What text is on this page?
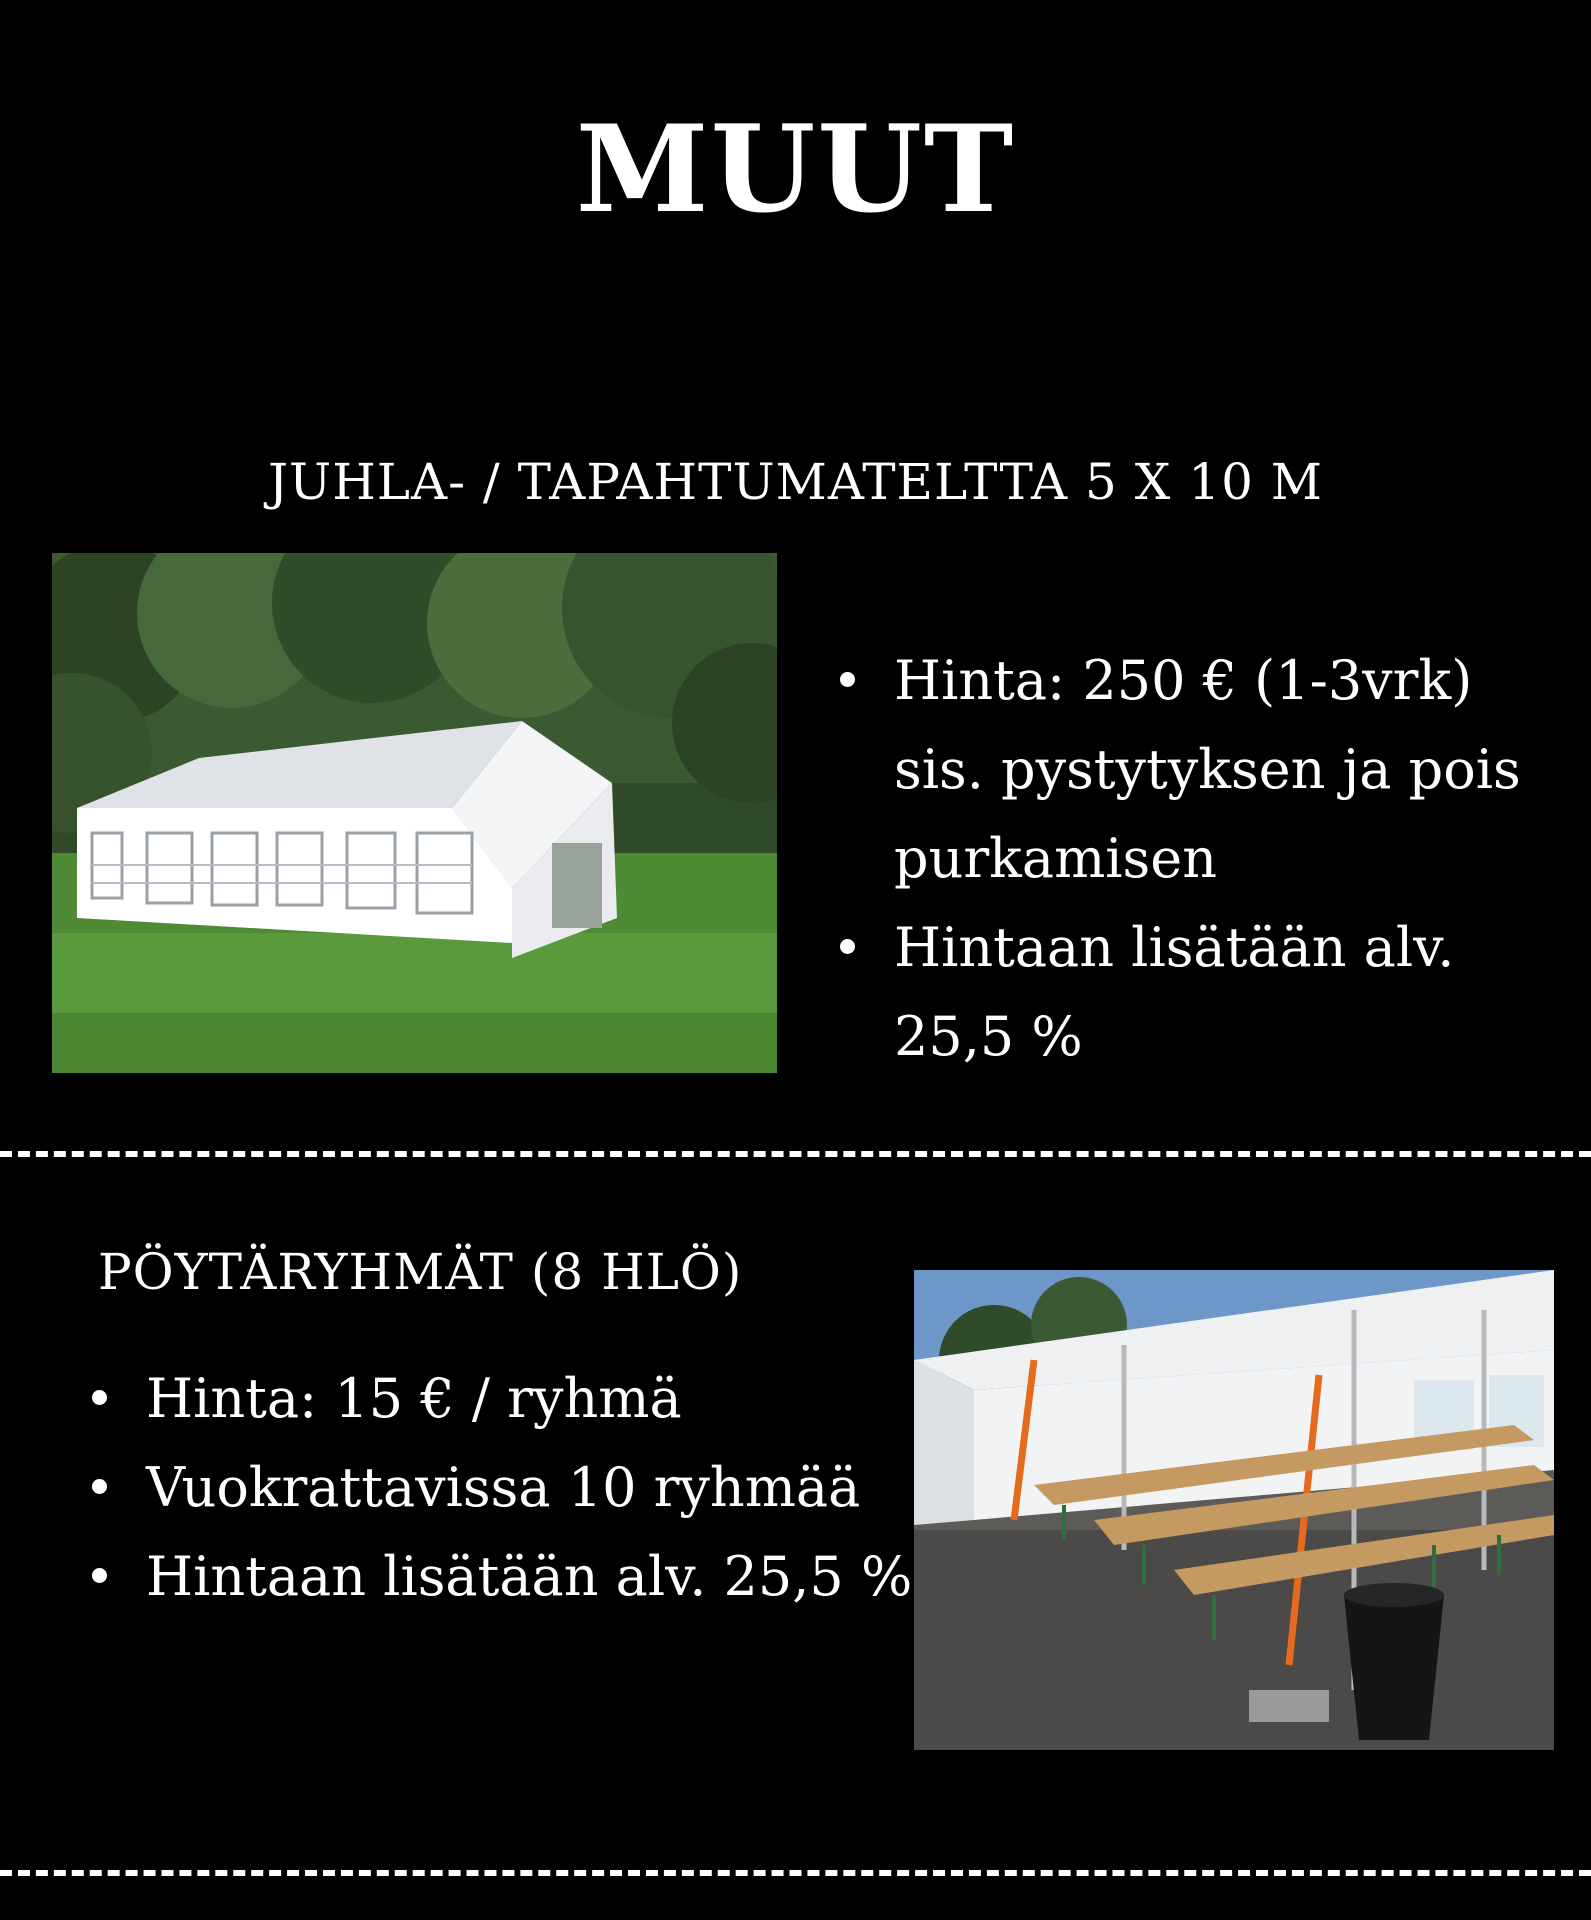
MUUT
JUHLA- / TAPAHTUMATELTTA 5 X 10 M
Hinta: 250 € (1-3vrk) sis. pystytyksen ja pois purkamisen
Hintaan lisätään alv. 25,5 %
PÖYTÄRYHMÄT (8 HLÖ)
Hinta: 15 € / ryhmä
Vuokrattavissa 10 ryhmää
Hintaan lisätään alv. 25,5 %
